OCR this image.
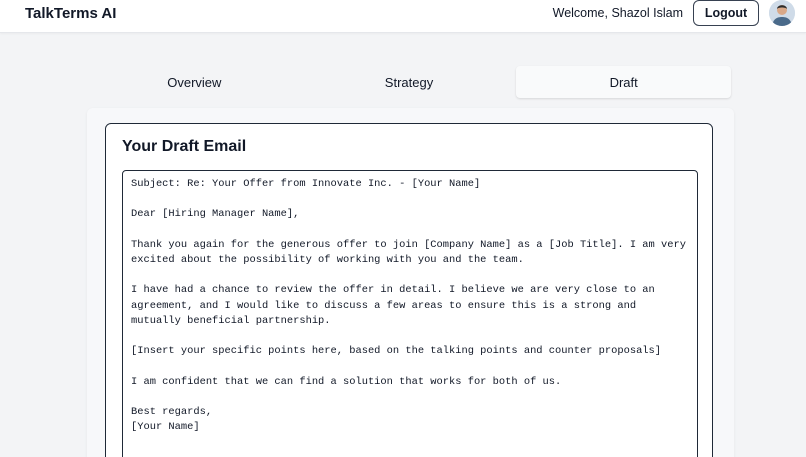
TalkTerms AI	Welcome, Shazol Islam	Logout
Overview	Strategy	Draft
Your Draft Email
Subject: Re: Your Offer from Innovate Inc. - [Your Name] Dear [Hiring Manager Name], Thank you again for the generous offer to join [Company Name] as a [Job Title]. I am very excited about the possibility of working with you and the team. I have had a chance to review the offer in detail. I believe we are very close to an agreement, and I would like to discuss a few areas to ensure this is a strong and mutually beneficial partnership. [Insert your specific points here, based on the talking points and counter proposals] I am confident that we can find a solution that works for both of us. Best regards, [Your Name]
